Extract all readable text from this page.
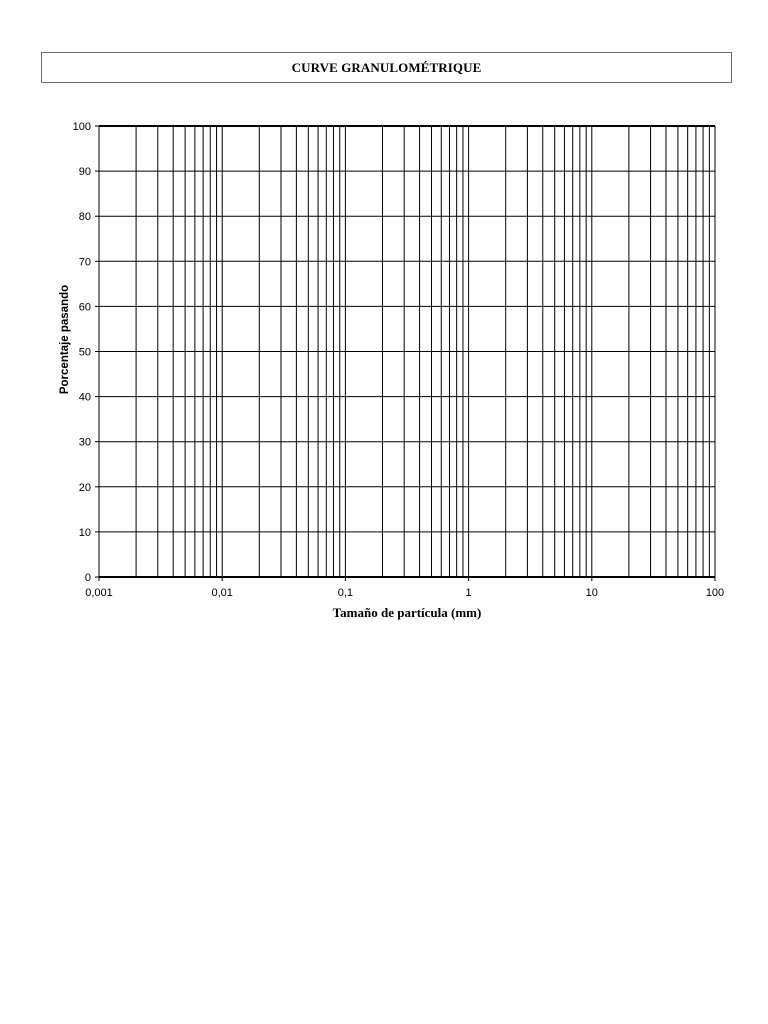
CURVE GRANULOMÉTRIQUE
0
10
20
30
40
50
60
70
80
90
100
0,001	0,01	0,1	1	10	100
Tamaño de partícula (mm)
Porcentaje pasando
